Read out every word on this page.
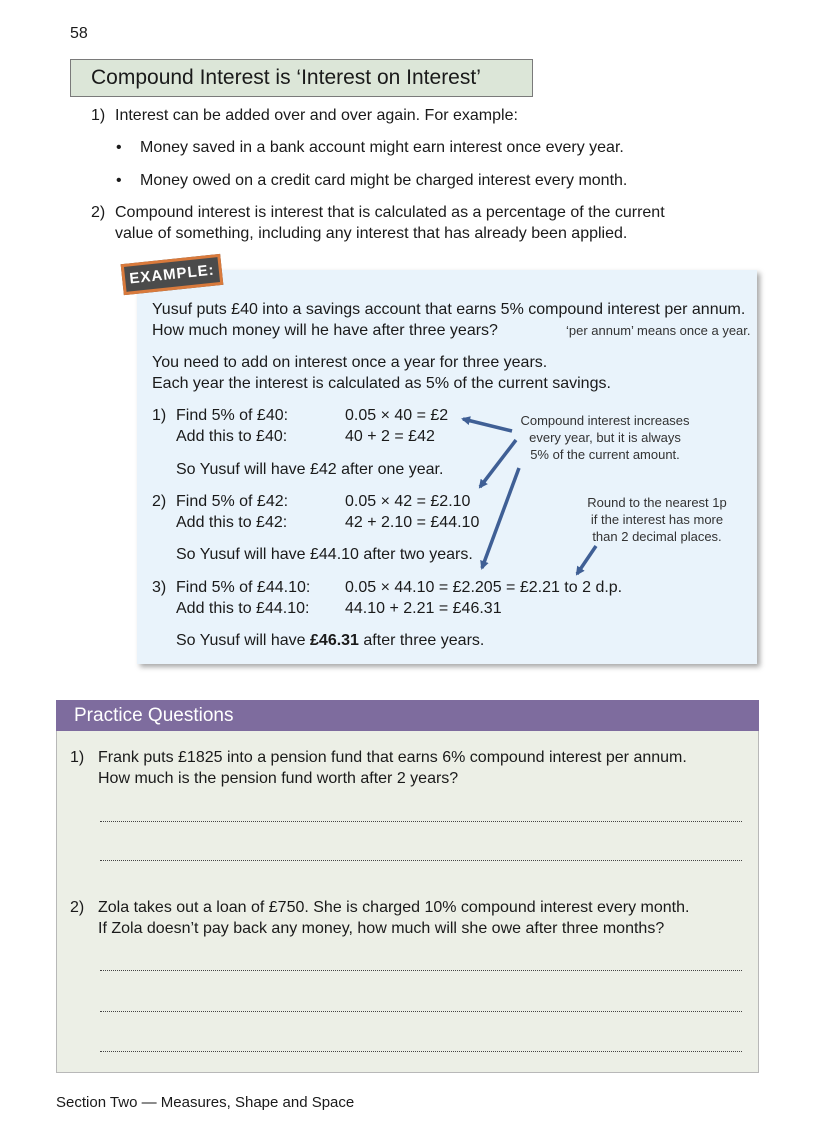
58
Compound Interest is ‘Interest on Interest’
1) Interest can be added over and over again. For example:
• Money saved in a bank account might earn interest once every year.
• Money owed on a credit card might be charged interest every month.
2) Compound interest is interest that is calculated as a percentage of the current
value of something, including any interest that has already been applied.
EXAMPLE:
Yusuf puts £40 into a savings account that earns 5% compound interest per annum.
How much money will he have after three years?	‘per annum’ means once a year.
You need to add on interest once a year for three years.
Each year the interest is calculated as 5% of the current savings.
1) Find 5% of £40:	0.05 × 40 = £2
Add this to £40:	40 + 2 = £42
So Yusuf will have £42 after one year.
2) Find 5% of £42:	0.05 × 42 = £2.10
Add this to £42:	42 + 2.10 = £44.10
So Yusuf will have £44.10 after two years.
3) Find 5% of £44.10: 0.05 × 44.10 = £2.205 = £2.21 to 2 d.p.
Add this to £44.10: 44.10 + 2.21 = £46.31
So Yusuf will have £46.31 after three years.
Compound interest increases
every year, but it is always
5% of the current amount.
Round to the nearest 1p
if the interest has more
than 2 decimal places.
Practice Questions
1) Frank puts £1825 into a pension fund that earns 6% compound interest per annum.
How much is the pension fund worth after 2 years?
2) Zola takes out a loan of £750. She is charged 10% compound interest every month.
If Zola doesn’t pay back any money, how much will she owe after three months?
Section Two — Measures, Shape and Space
